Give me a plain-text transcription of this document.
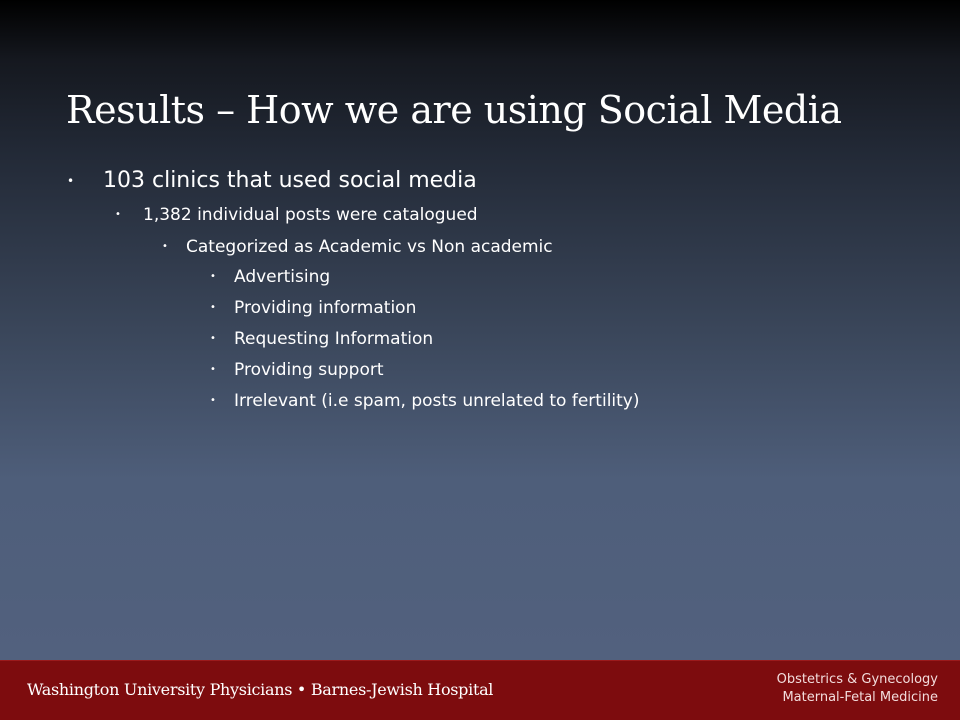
Results – How we are using Social Media
• 103 clinics that used social media
• 1,382 individual posts were catalogued
• Categorized as Academic vs Non academic
• Advertising
• Providing information
• Requesting Information
• Providing support
• Irrelevant (i.e spam, posts unrelated to fertility)
Washington University Physicians • Barnes-Jewish Hospital
Obstetrics & Gynecology
Maternal-Fetal Medicine
